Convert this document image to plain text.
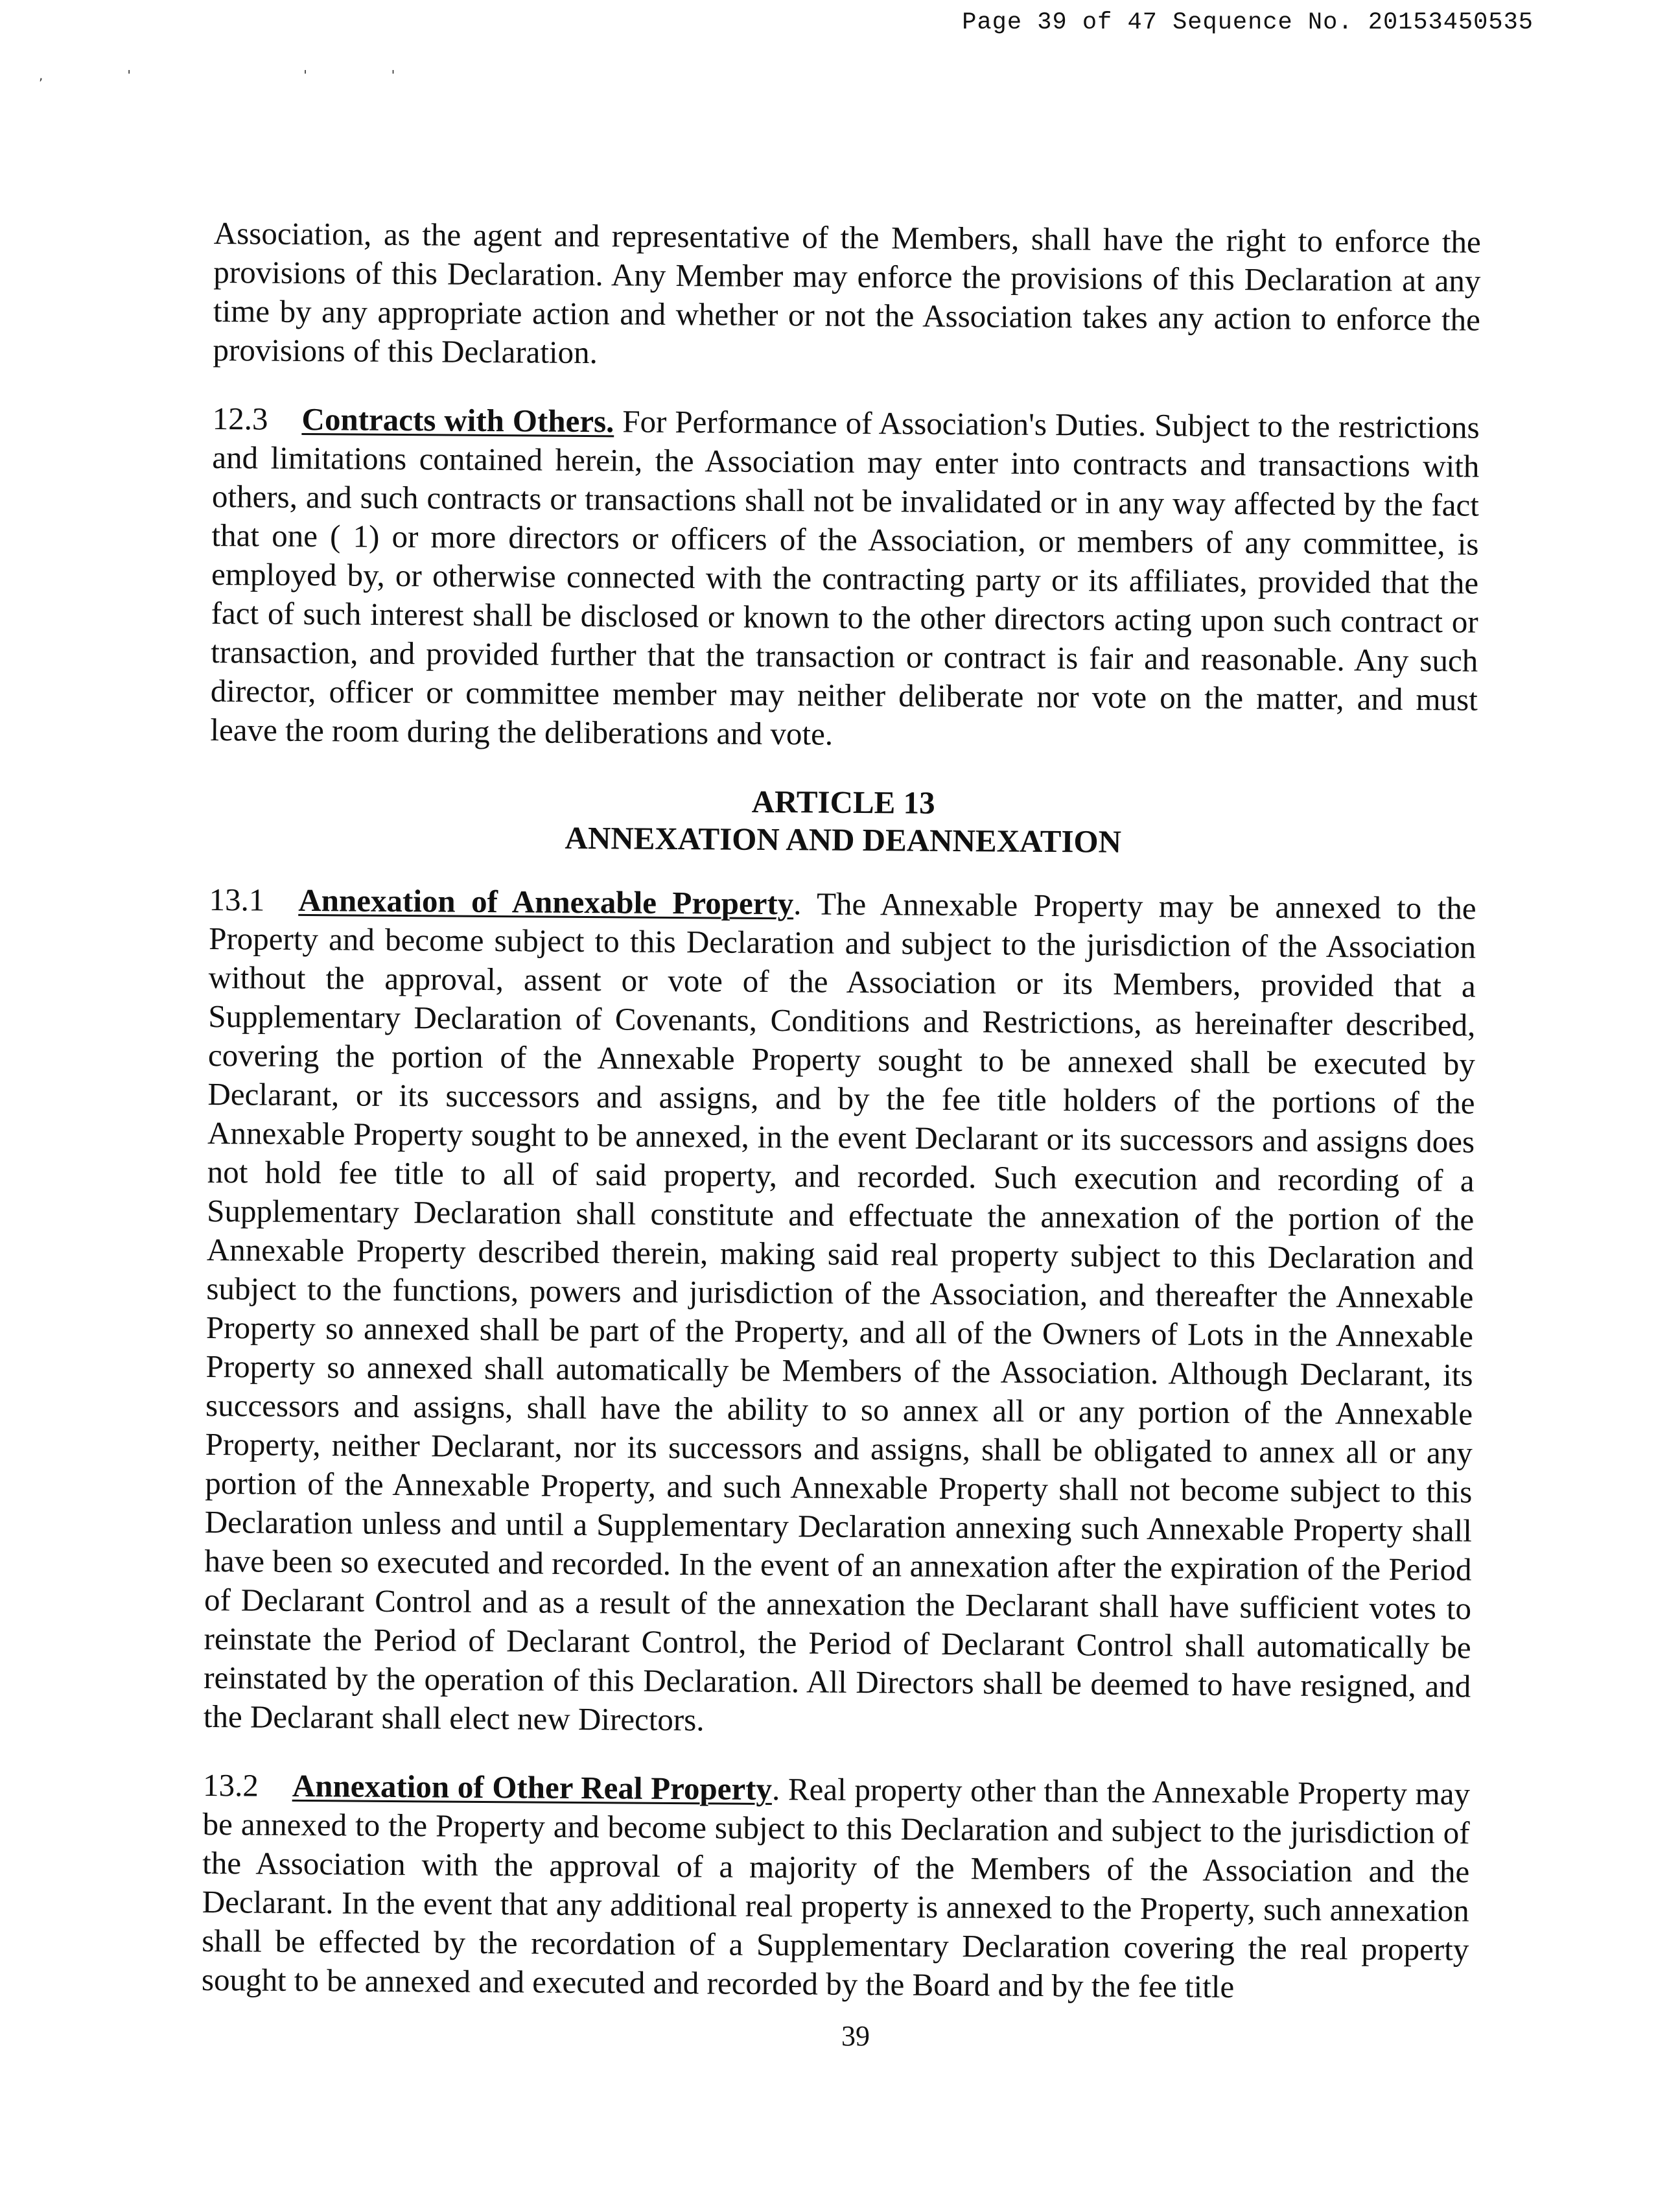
Page 39 of 47 Sequence No. 20153450535
,' ''

Association, as the agent and representative of the Members, shall have the right to enforce the provisions of this Declaration. Any Member may enforce the provisions of this Declaration at any time by any appropriate action and whether or not the Association takes any action to enforce the provisions of this Declaration.

12.3 Contracts with Others. For Performance of Association's Duties. Subject to the restrictions and limitations contained herein, the Association may enter into contracts and transactions with others, and such contracts or transactions shall not be invalidated or in any way affected by the fact that one ( 1) or more directors or officers of the Association, or members of any committee, is employed by, or otherwise connected with the contracting party or its affiliates, provided that the fact of such interest shall be disclosed or known to the other directors acting upon such contract or transaction, and provided further that the transaction or contract is fair and reasonable. Any such director, officer or committee member may neither deliberate nor vote on the matter, and must leave the room during the deliberations and vote.

ARTICLE 13
ANNEXATION AND DEANNEXATION

13.1 Annexation of Annexable Property. The Annexable Property may be annexed to the Property and become subject to this Declaration and subject to the jurisdiction of the Association without the approval, assent or vote of the Association or its Members, provided that a Supplementary Declaration of Covenants, Conditions and Restrictions, as hereinafter described, covering the portion of the Annexable Property sought to be annexed shall be executed by Declarant, or its successors and assigns, and by the fee title holders of the portions of the Annexable Property sought to be annexed, in the event Declarant or its successors and assigns does not hold fee title to all of said property, and recorded. Such execution and recording of a Supplementary Declaration shall constitute and effectuate the annexation of the portion of the Annexable Property described therein, making said real property subject to this Declaration and subject to the functions, powers and jurisdiction of the Association, and thereafter the Annexable Property so annexed shall be part of the Property, and all of the Owners of Lots in the Annexable Property so annexed shall automatically be Members of the Association. Although Declarant, its successors and assigns, shall have the ability to so annex all or any portion of the Annexable Property, neither Declarant, nor its successors and assigns, shall be obligated to annex all or any portion of the Annexable Property, and such Annexable Property shall not become subject to this Declaration unless and until a Supplementary Declaration annexing such Annexable Property shall have been so executed and recorded. In the event of an annexation after the expiration of the Period of Declarant Control and as a result of the annexation the Declarant shall have sufficient votes to reinstate the Period of Declarant Control, the Period of Declarant Control shall automatically be reinstated by the operation of this Declaration. All Directors shall be deemed to have resigned, and the Declarant shall elect new Directors.

13.2 Annexation of Other Real Property. Real property other than the Annexable Property may be annexed to the Property and become subject to this Declaration and subject to the jurisdiction of the Association with the approval of a majority of the Members of the Association and the Declarant. In the event that any additional real property is annexed to the Property, such annexation shall be effected by the recordation of a Supplementary Declaration covering the real property sought to be annexed and executed and recorded by the Board and by the fee title

39
